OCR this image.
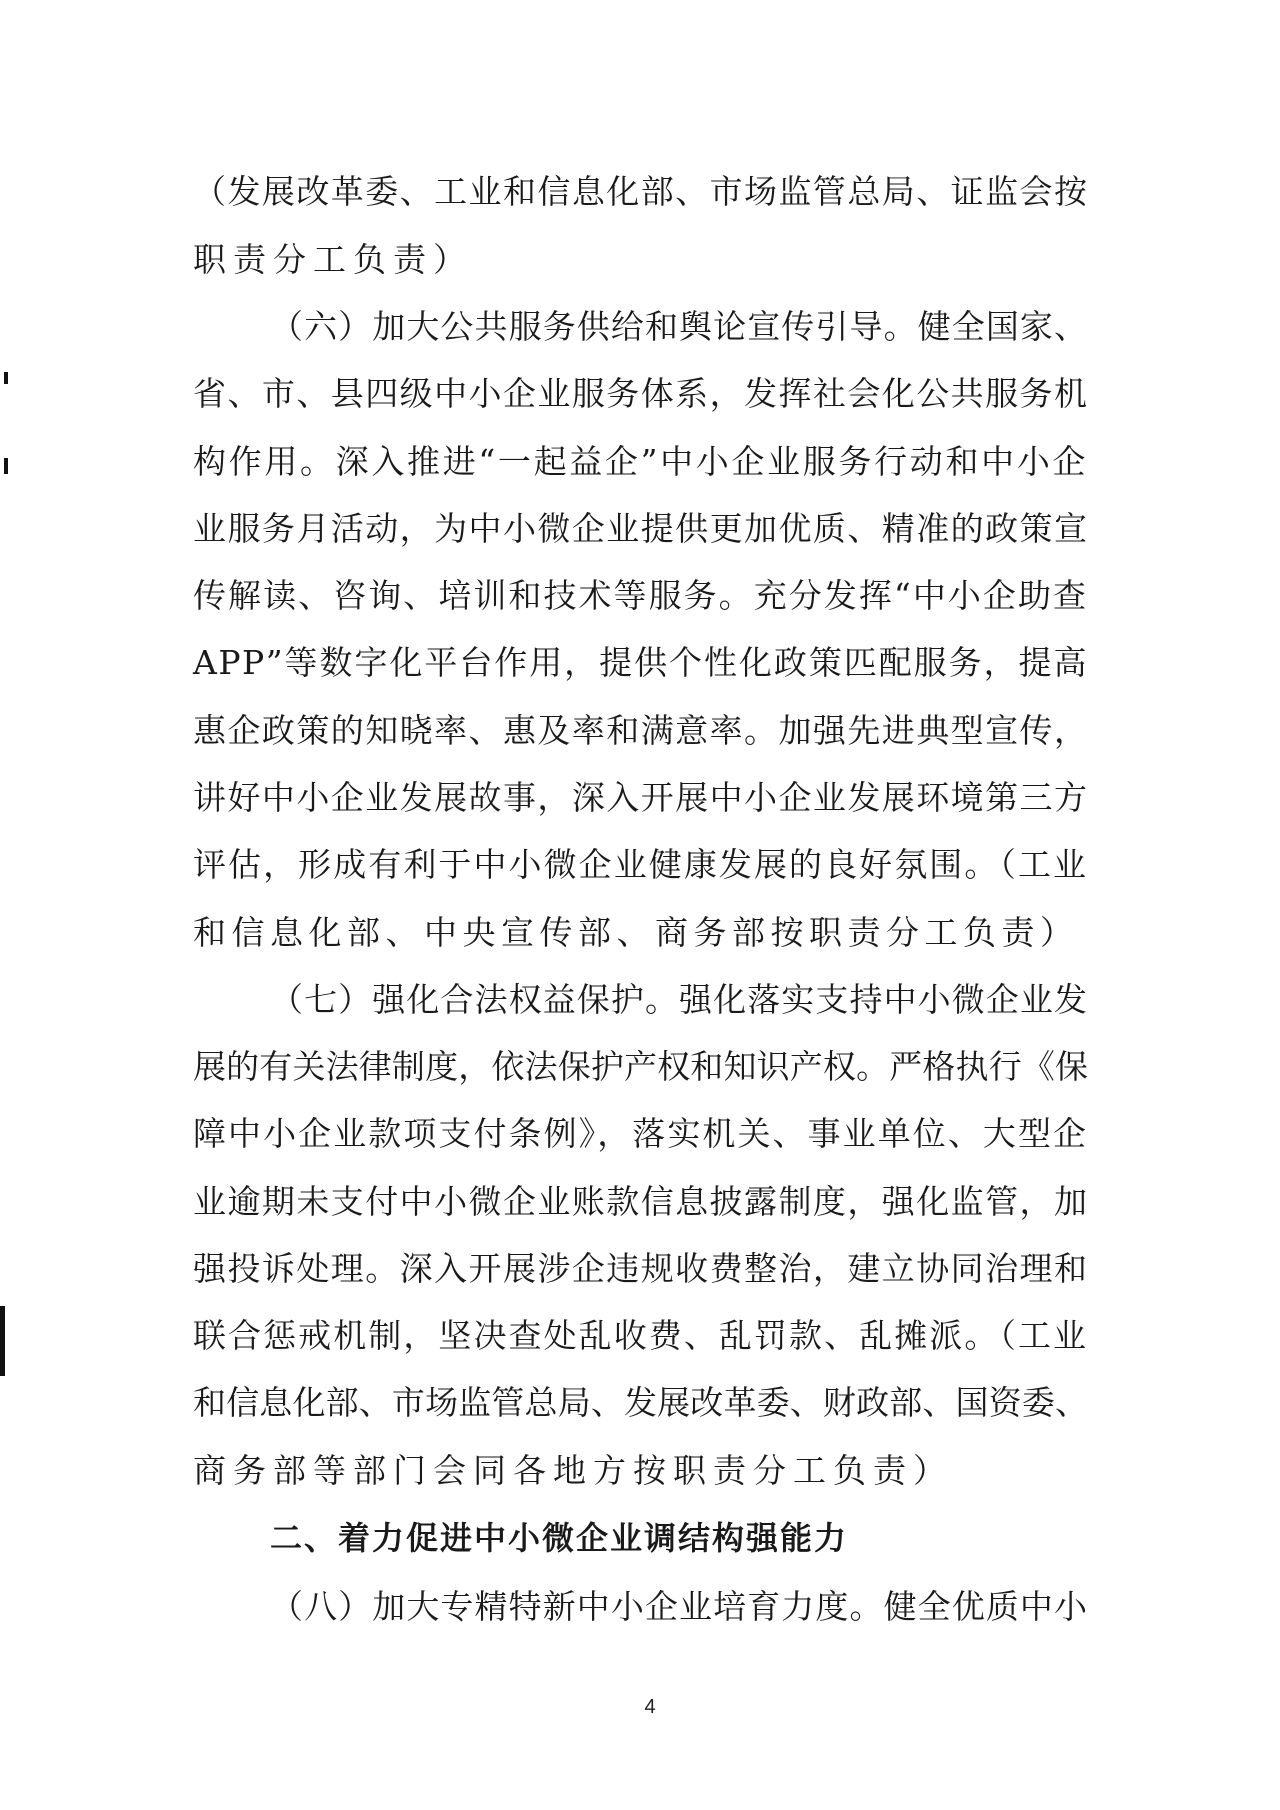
（发展改革委、工业和信息化部、市场监管总局、证监会按
职责分工负责）
（六）加大公共服务供给和舆论宣传引导。健全国家、
省、市、县四级中小企业服务体系，发挥社会化公共服务机
构作用。深入推进“一起益企”中小企业服务行动和中小企
业服务月活动，为中小微企业提供更加优质、精准的政策宣
传解读、咨询、培训和技术等服务。充分发挥“中小企助查
APP”等数字化平台作用，提供个性化政策匹配服务，提高
惠企政策的知晓率、惠及率和满意率。加强先进典型宣传，
讲好中小企业发展故事，深入开展中小企业发展环境第三方
评估，形成有利于中小微企业健康发展的良好氛围。（工业
和信息化部、中央宣传部、商务部按职责分工负责）
（七）强化合法权益保护。强化落实支持中小微企业发
展的有关法律制度，依法保护产权和知识产权。严格执行《保
障中小企业款项支付条例》，落实机关、事业单位、大型企
业逾期未支付中小微企业账款信息披露制度，强化监管，加
强投诉处理。深入开展涉企违规收费整治，建立协同治理和
联合惩戒机制，坚决查处乱收费、乱罚款、乱摊派。（工业
和信息化部、市场监管总局、发展改革委、财政部、国资委、
商务部等部门会同各地方按职责分工负责）
二、着力促进中小微企业调结构强能力
（八）加大专精特新中小企业培育力度。健全优质中小
4
